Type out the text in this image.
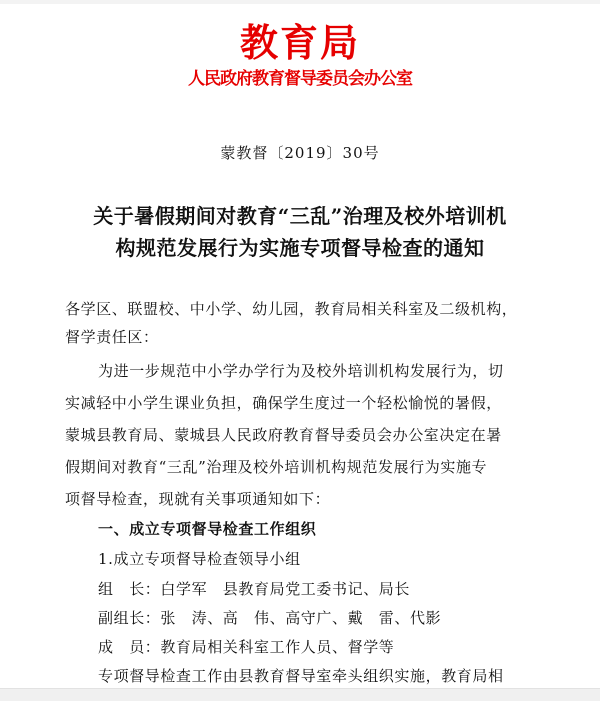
教育局
人民政府教育督导委员会办公室
蒙教督〔2019〕30号
关于暑假期间对教育“三乱”治理及校外培训机
构规范发展行为实施专项督导检查的通知
各学区、联盟校、中小学、幼儿园，教育局相关科室及二级机构，
督学责任区：
为进一步规范中小学办学行为及校外培训机构发展行为，切
实减轻中小学生课业负担，确保学生度过一个轻松愉悦的暑假，
蒙城县教育局、蒙城县人民政府教育督导委员会办公室决定在暑
假期间对教育“三乱”治理及校外培训机构规范发展行为实施专
项督导检查，现就有关事项通知如下：
一、成立专项督导检查工作组织
1.成立专项督导检查领导小组
组　长：白学军　县教育局党工委书记、局长
副组长：张　涛、高　伟、高守广、戴　雷、代影
成　员：教育局相关科室工作人员、督学等
专项督导检查工作由县教育督导室牵头组织实施，教育局相
